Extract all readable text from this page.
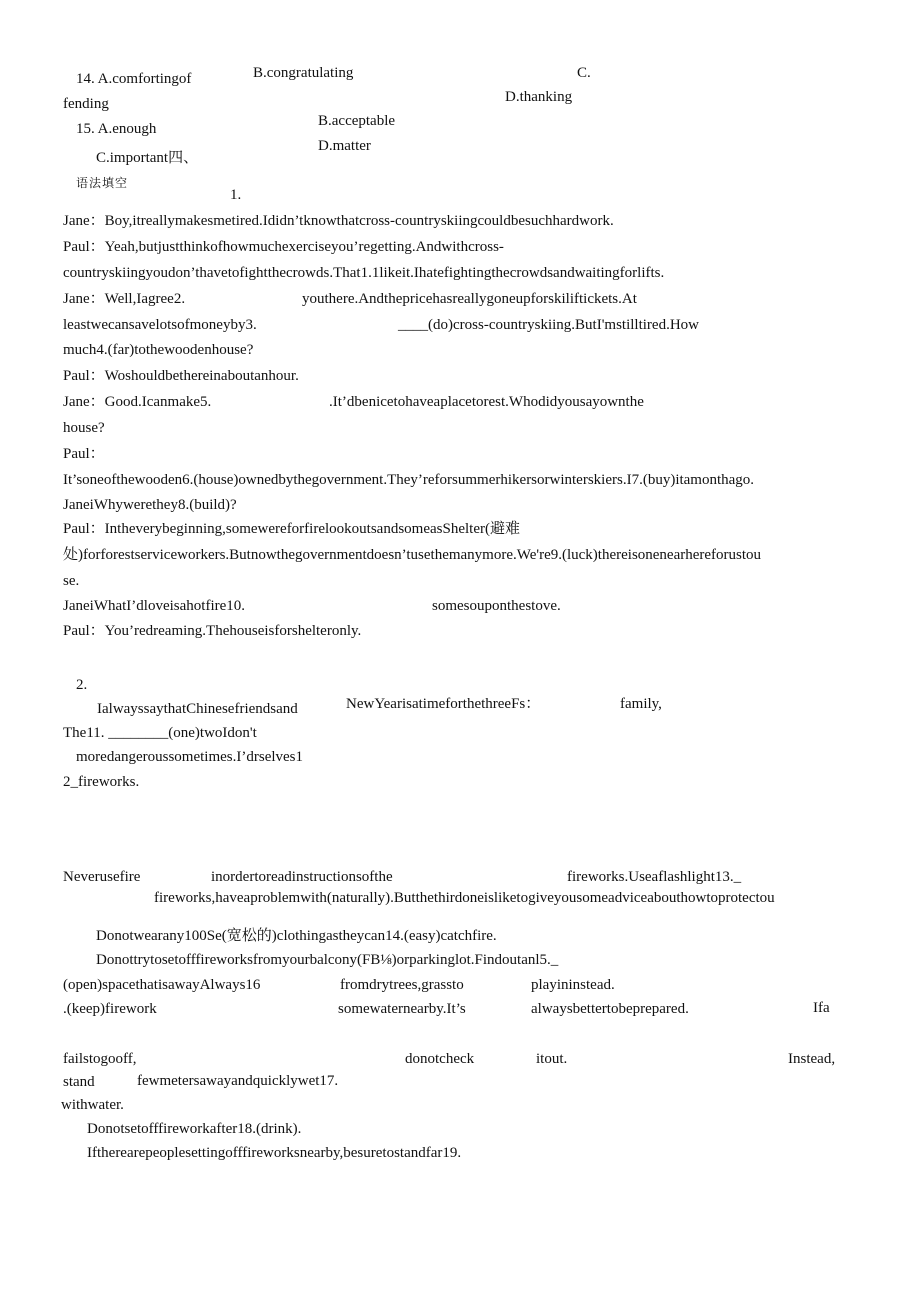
14. A.comfortingof	B.congratulating	C.
fending	D.thanking
15. A.enough	B.acceptable
C.important四、
D.matter
语法填空
1.
Jane：Boy,itreallymakesmetired.Ididn’tknowthatcross-countryskiingcouldbesuchhardwork.
Paul：Yeah,butjustthinkofhowmuchexerciseyou’regetting.Andwithcross-
countryskiingyoudon’thavetofightthecrowds.That1.1likeit.Ihatefightingthecrowdsandwaitingforlifts.
Jane：Well,Iagree2.	youthere.Andthepricehasreallygoneupforskiliftickets.At
leastwecansavelotsofmoneyby3.	____(do)cross-countryskiing.ButI'mstilltired.How
much4.(far)tothewoodenhouse?
Paul：Woshouldbethereinaboutanhour.
Jane：Good.Icanmake5.	.It’dbenicetohaveaplacetorest.Whodidyousayownthe
house?
Paul：
It’soneofthewooden6.(house)ownedbythegovernment.They’reforsummerhikersorwinterskiers.I7.(buy)itamonthago.
JaneiWhywerethey8.(build)?
Paul：Intheverybeginning,somewereforfirelookoutsandsomeasShelter(避难
处)forforestserviceworkers.Butnowthegovernmentdoesn’tusethemanymore.We're9.(luck)thereisonenearhereforustou
se.
JaneiWhatI’dloveisahotfire10.	somesouponthestove.
Paul：You’redreaming.Thehouseisforshelteronly.
2.
IalwayssaythatChinesefriendsand	NewYearisatimeforthethreeFs：	family,
The11. ________(one)twoIdon't
moredangeroussometimes.I’drselves1
2_fireworks.
Neverusefire	inordertoreadinstructionsofthe	fireworks.Useaflashlight13._
fireworks,haveaproblemwith(naturally).Butthethirdoneisliketogiveyousomeadviceabouthowtoprotectou
Donotwearany100Se(宽松的)clothingastheycan14.(easy)catchfire.
Donottrytosetofffireworksfromyourbalcony(FB⅛)orparkinglot.Findoutanl5._
(open)spacethatisawayAlways16	fromdrytrees,grassto	playininstead.
.(keep)firework	somewaternearby.It’s	alwaysbettertobeprepared.	Ifa
failstogooff,	donotcheck	itout.	Instead,
stand	fewmetersawayandquicklywet17.
withwater.
Donotsetofffireworkafter18.(drink).
Iftherearepeoplesettingofffireworksnearby,besuretostandfar19.
